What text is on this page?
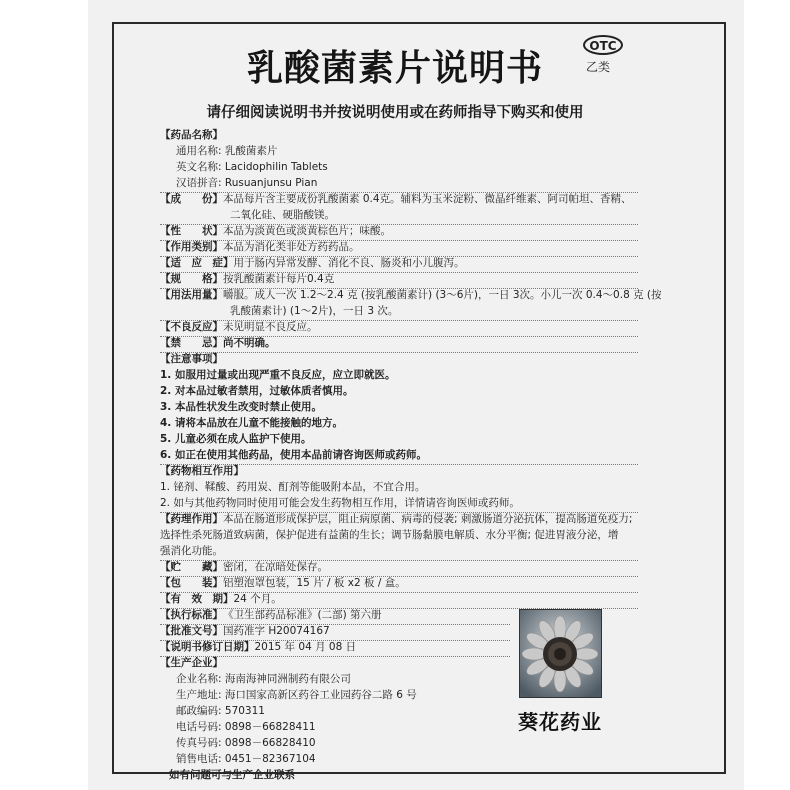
OTC
乙类
乳酸菌素片说明书
请仔细阅读说明书并按说明使用或在药师指导下购买和使用
【药品名称】
通用名称: 乳酸菌素片
英文名称: Lacidophilin Tablets
汉语拼音: Rusuanjunsu Pian
【成　　份】本品每片含主要成份乳酸菌素 0.4克。辅料为玉米淀粉、微晶纤维素、阿司帕坦、香精、
二氧化硅、硬脂酸镁。
【性　　状】本品为淡黄色或淡黄棕色片；味酸。
【作用类别】本品为消化类非处方药药品。
【适　应　症】用于肠内异常发酵、消化不良、肠炎和小儿腹泻。
【规　　格】按乳酸菌素计每片0.4克
【用法用量】嚼服。成人一次 1.2～2.4 克 (按乳酸菌素计) (3～6片)，一日 3次。小儿一次 0.4～0.8 克 (按
乳酸菌素计) (1～2片)，一日 3 次。
【不良反应】未见明显不良反应。
【禁　　忌】尚不明确。
【注意事项】
1. 如服用过量或出现严重不良反应，应立即就医。
2. 对本品过敏者禁用，过敏体质者慎用。
3. 本品性状发生改变时禁止使用。
4. 请将本品放在儿童不能接触的地方。
5. 儿童必须在成人监护下使用。
6. 如正在使用其他药品，使用本品前请咨询医师或药师。
【药物相互作用】
1. 铋剂、鞣酸、药用炭、酊剂等能吸附本品，不宜合用。
2. 如与其他药物同时使用可能会发生药物相互作用，详情请咨询医师或药师。
【药理作用】本品在肠道形成保护层，阻止病原菌、病毒的侵袭; 刺激肠道分泌抗体，提高肠道免疫力;
选择性杀死肠道致病菌，保护促进有益菌的生长；调节肠黏膜电解质、水分平衡; 促进胃液分泌，增
强消化功能。
【贮　　藏】密闭，在凉暗处保存。
【包　　装】铝塑泡罩包装，15 片 / 板 x2 板 / 盒。
【有　效　期】24 个月。
【执行标准】《卫生部药品标准》(二部) 第六册
【批准文号】国药准字 H20074167
【说明书修订日期】2015 年 04 月 08 日
【生产企业】
企业名称: 海南海神同洲制药有限公司
生产地址: 海口国家高新区药谷工业园药谷二路 6 号
邮政编码: 570311
电话号码: 0898－66828411
传真号码: 0898－66828410
销售电话: 0451－82367104
如有问题可与生产企业联系
葵花药业
